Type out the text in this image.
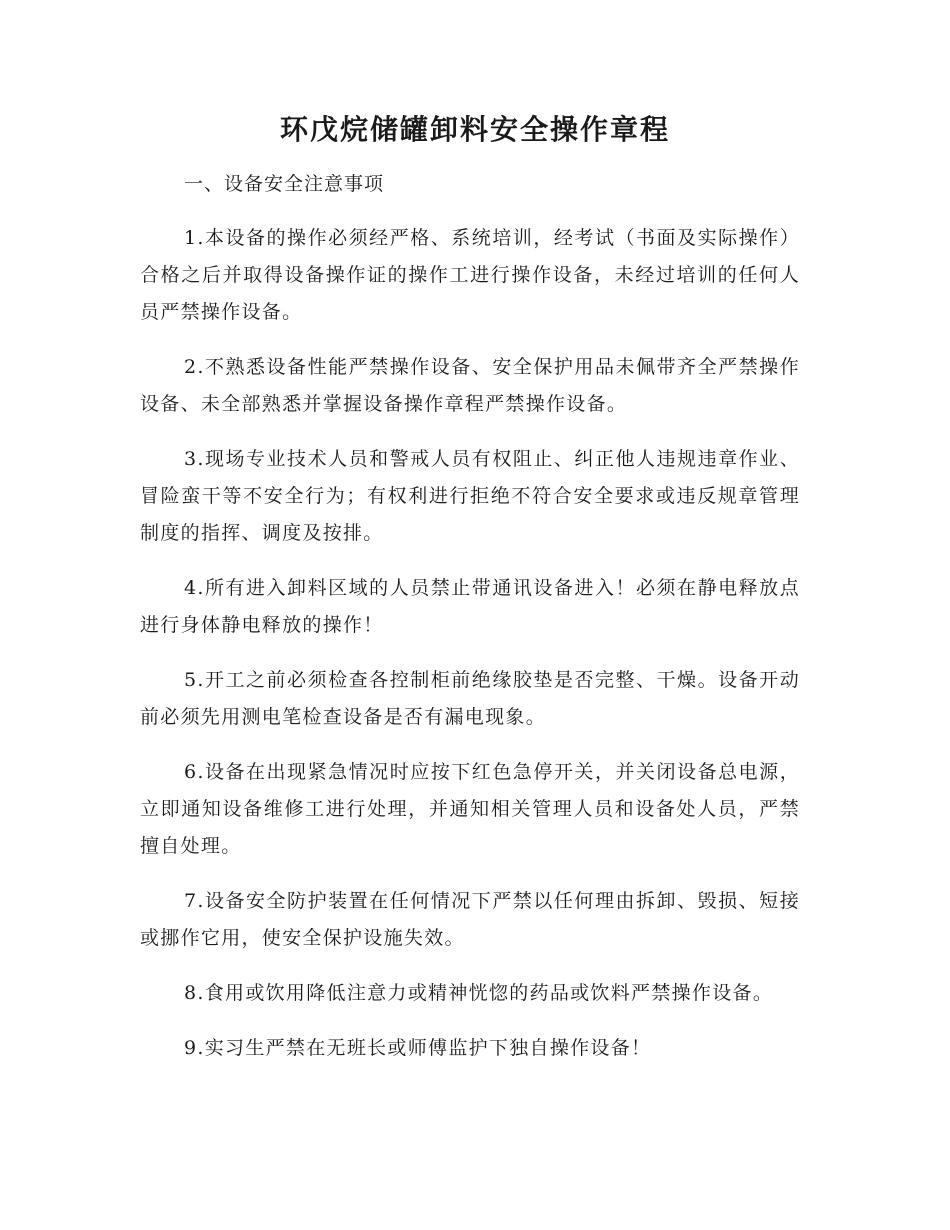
环戊烷储罐卸料安全操作章程

一、设备安全注意事项

1.本设备的操作必须经严格、系统培训，经考试（书面及实际操作）合格之后并取得设备操作证的操作工进行操作设备，未经过培训的任何人员严禁操作设备。

2.不熟悉设备性能严禁操作设备、安全保护用品未佩带齐全严禁操作设备、未全部熟悉并掌握设备操作章程严禁操作设备。

3.现场专业技术人员和警戒人员有权阻止、纠正他人违规违章作业、冒险蛮干等不安全行为；有权利进行拒绝不符合安全要求或违反规章管理制度的指挥、调度及按排。

4.所有进入卸料区域的人员禁止带通讯设备进入！必须在静电释放点进行身体静电释放的操作！

5.开工之前必须检查各控制柜前绝缘胶垫是否完整、干燥。设备开动前必须先用测电笔检查设备是否有漏电现象。

6.设备在出现紧急情况时应按下红色急停开关，并关闭设备总电源，立即通知设备维修工进行处理，并通知相关管理人员和设备处人员，严禁擅自处理。

7.设备安全防护装置在任何情况下严禁以任何理由拆卸、毁损、短接或挪作它用，使安全保护设施失效。

8.食用或饮用降低注意力或精神恍惚的药品或饮料严禁操作设备。

9.实习生严禁在无班长或师傅监护下独自操作设备！
